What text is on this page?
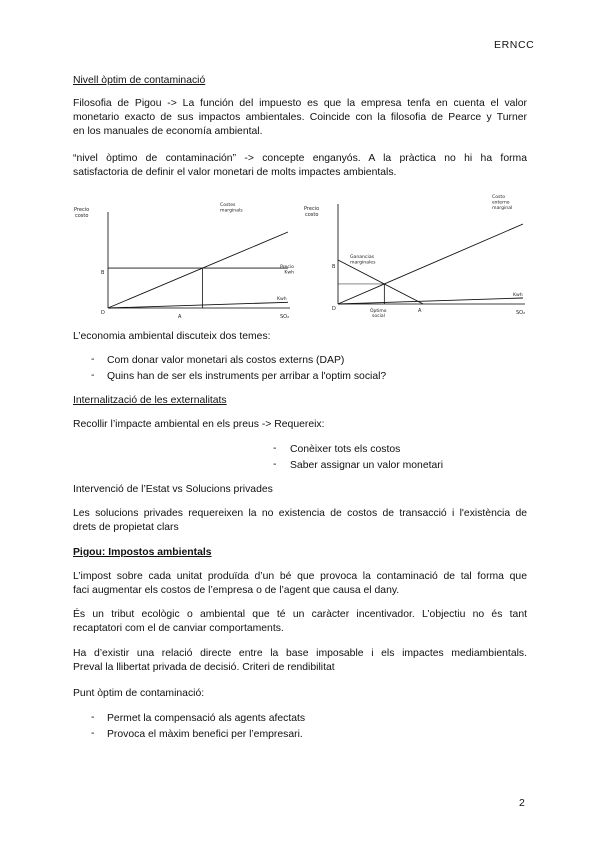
ERNCC
Nivell òptim de contaminació
Filosofia de Pigou -> La función del impuesto es que la empresa tenfa en cuenta el valor
monetario exacto de sus impactos ambientales. Coincide con la filosofia de Pearce y Turner
en los manuales de economía ambiental.
“nivel òptimo de contaminación” -> concepte enganyós. A la pràctica no hi ha forma
satisfactoria de definir el valor monetari de molts impactes ambientals.
Costes
marginals
Precio
Kwh
Kwh
Precio
costo
B
D
A	SO₂
Costo
externo
marginal
Ganancias
marginales
Kwh
Precio
costo
B
D	A
Óptimo
social
SO₂
L’economia ambiental discuteix dos temes:
- Com donar valor monetari als costos externs (DAP)
- Quins han de ser els instruments per arribar a l'optim social?
Internalització de les externalitats
Recollir l’impacte ambiental en els preus -> Requereix:
- Conèixer tots els costos
- Saber assignar un valor monetari
Intervenció de l’Estat vs Solucions privades
Les solucions privades requereixen la no existencia de costos de transacció i l'existència de
drets de propietat clars
Pigou: Impostos ambientals
L’impost sobre cada unitat produïda d’un bé que provoca la contaminació de tal forma que
faci augmentar els costos de l’empresa o de l’agent que causa el dany.
És un tribut ecològic o ambiental que té un caràcter incentivador. L’objectiu no és tant
recaptatori com el de canviar comportaments.
Ha d’existir una relació directe entre la base imposable i els impactes mediambientals.
Preval la llibertat privada de decisió. Criteri de rendibilitat
Punt òptim de contaminació:
- Permet la compensació als agents afectats
- Provoca el màxim benefici per l’empresari.
2
